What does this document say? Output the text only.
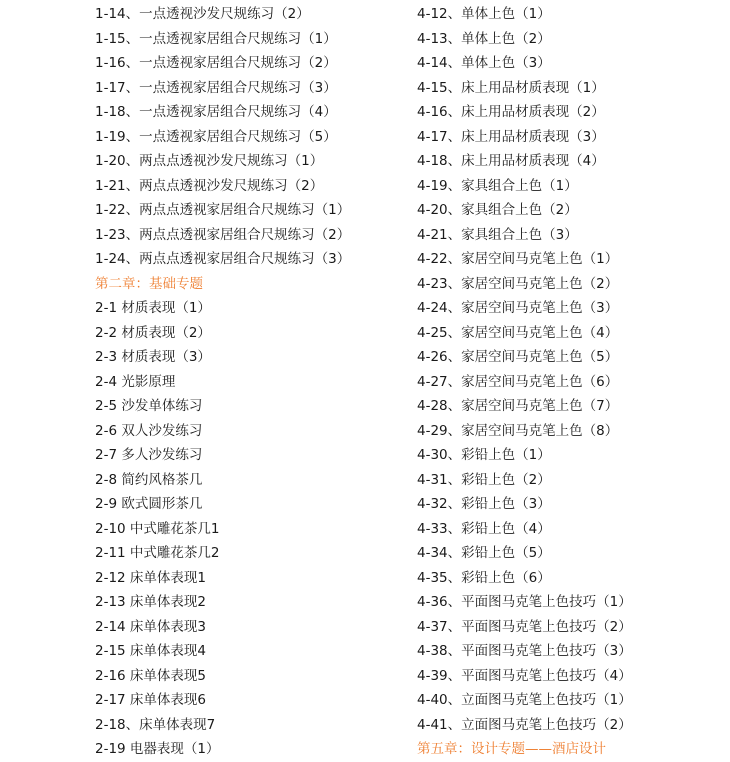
1-14、一点透视沙发尺规练习（2）
1-15、一点透视家居组合尺规练习（1）
1-16、一点透视家居组合尺规练习（2）
1-17、一点透视家居组合尺规练习（3）
1-18、一点透视家居组合尺规练习（4）
1-19、一点透视家居组合尺规练习（5）
1-20、两点点透视沙发尺规练习（1）
1-21、两点点透视沙发尺规练习（2）
1-22、两点点透视家居组合尺规练习（1）
1-23、两点点透视家居组合尺规练习（2）
1-24、两点点透视家居组合尺规练习（3）
第二章：基础专题
2-1 材质表现（1）
2-2 材质表现（2）
2-3 材质表现（3）
2-4 光影原理
2-5 沙发单体练习
2-6 双人沙发练习
2-7 多人沙发练习
2-8 简约风格茶几
2-9 欧式圆形茶几
2-10 中式雕花茶几1
2-11 中式雕花茶几2
2-12 床单体表现1
2-13 床单体表现2
2-14 床单体表现3
2-15 床单体表现4
2-16 床单体表现5
2-17 床单体表现6
2-18、床单体表现7
2-19 电器表现（1）
4-12、单体上色（1）
4-13、单体上色（2）
4-14、单体上色（3）
4-15、床上用品材质表现（1）
4-16、床上用品材质表现（2）
4-17、床上用品材质表现（3）
4-18、床上用品材质表现（4）
4-19、家具组合上色（1）
4-20、家具组合上色（2）
4-21、家具组合上色（3）
4-22、家居空间马克笔上色（1）
4-23、家居空间马克笔上色（2）
4-24、家居空间马克笔上色（3）
4-25、家居空间马克笔上色（4）
4-26、家居空间马克笔上色（5）
4-27、家居空间马克笔上色（6）
4-28、家居空间马克笔上色（7）
4-29、家居空间马克笔上色（8）
4-30、彩铅上色（1）
4-31、彩铅上色（2）
4-32、彩铅上色（3）
4-33、彩铅上色（4）
4-34、彩铅上色（5）
4-35、彩铅上色（6）
4-36、平面图马克笔上色技巧（1）
4-37、平面图马克笔上色技巧（2）
4-38、平面图马克笔上色技巧（3）
4-39、平面图马克笔上色技巧（4）
4-40、立面图马克笔上色技巧（1）
4-41、立面图马克笔上色技巧（2）
第五章：设计专题——酒店设计
